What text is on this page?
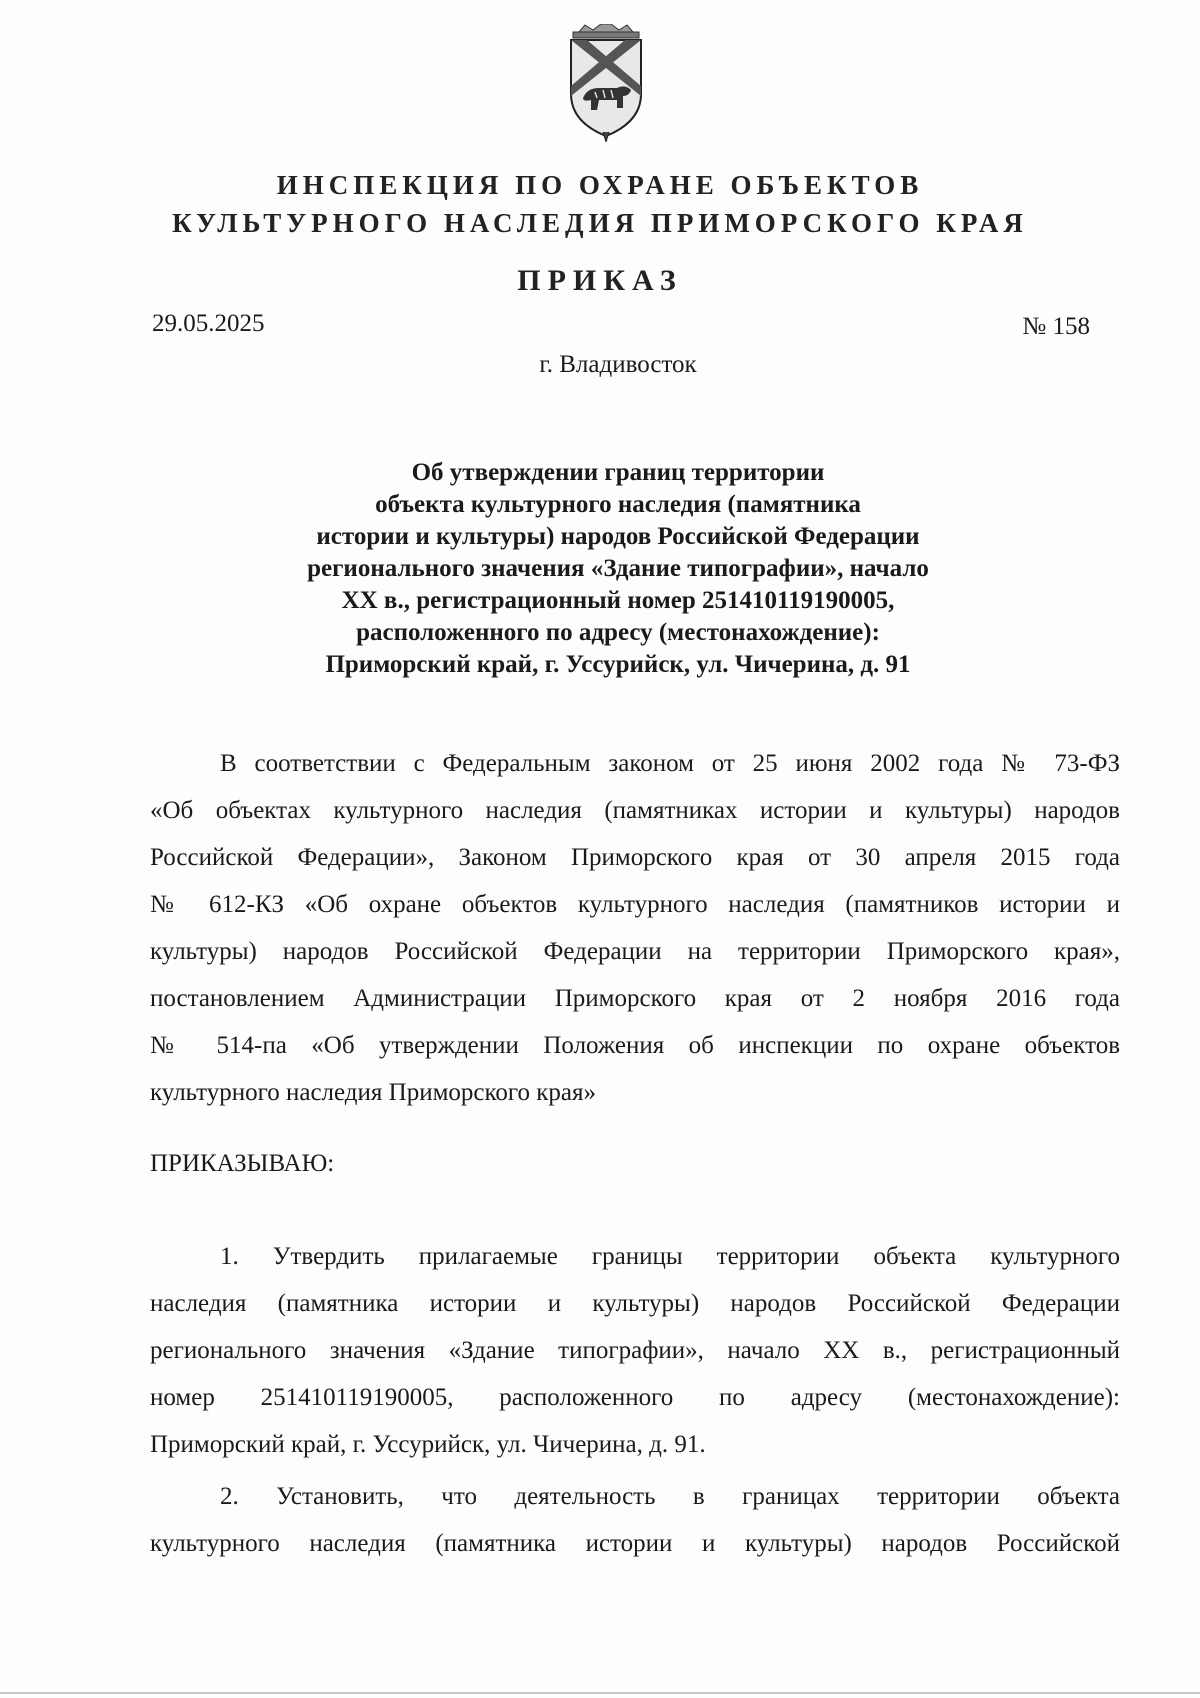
ИНСПЕКЦИЯ ПО ОХРАНЕ ОБЪЕКТОВ
КУЛЬТУРНОГО НАСЛЕДИЯ ПРИМОРСКОГО КРАЯ
ПРИКАЗ
29.05.2025	№ 158
г. Владивосток
Об утверждении границ территории
объекта культурного наследия (памятника
истории и культуры) народов Российской Федерации
регионального значения «Здание типографии», начало
XX в., регистрационный номер 251410119190005,
расположенного по адресу (местонахождение):
Приморский край, г. Уссурийск, ул. Чичерина, д. 91
В соответствии с Федеральным законом от 25 июня 2002 года № 73-ФЗ
«Об объектах культурного наследия (памятниках истории и культуры) народов
Российской Федерации», Законом Приморского края от 30 апреля 2015 года
№ 612-КЗ «Об охране объектов культурного наследия (памятников истории и
культуры) народов Российской Федерации на территории Приморского края»,
постановлением Администрации Приморского края от 2 ноября 2016 года
№ 514-па «Об утверждении Положения об инспекции по охране объектов
культурного наследия Приморского края»
ПРИКАЗЫВАЮ:
1. Утвердить прилагаемые границы территории объекта культурного
наследия (памятника истории и культуры) народов Российской Федерации
регионального значения «Здание типографии», начало XX в., регистрационный
номер 251410119190005, расположенного по адресу (местонахождение):
Приморский край, г. Уссурийск, ул. Чичерина, д. 91.
2. Установить, что деятельность в границах территории объекта
культурного наследия (памятника истории и культуры) народов Российской
